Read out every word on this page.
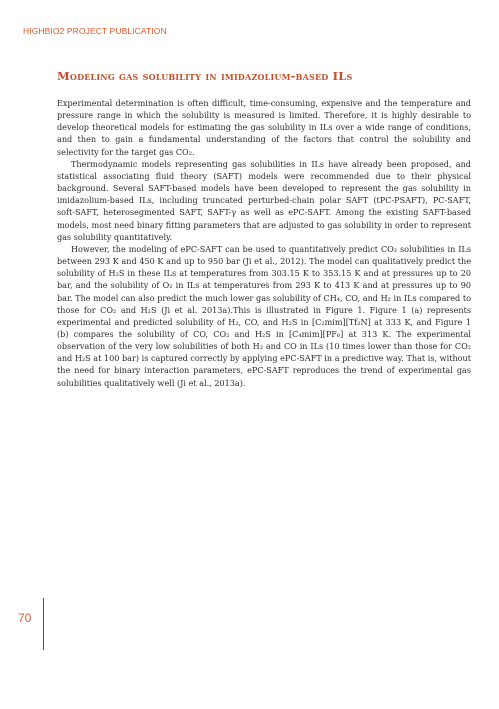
HIGHBIO2 PROJECT PUBLICATION
Modeling gas solubility in imidazolium-based ILs

Experimental determination is often difficult, time-consuming, expensive and the temperature and pressure range in which the solubility is measured is limited. Therefore, it is highly desirable to develop theoretical models for estimating the gas solubility in ILs over a wide range of conditions, and then to gain a fundamental understanding of the factors that control the solubility and selectivity for the target gas CO₂.

Thermodynamic models representing gas solubilities in ILs have already been proposed, and statistical associating fluid theory (SAFT) models were recommended due to their physical background. Several SAFT-based models have been developed to represent the gas solubility in imidazolium-based ILs, including truncated perturbed-chain polar SAFT (tPC-PSAFT), PC-SAFT, soft-SAFT, heterosegmented SAFT, SAFT-γ as well as ePC-SAFT. Among the existing SAFT-based models, most need binary fitting parameters that are adjusted to gas solubility in order to represent gas solubility quantitatively.

However, the modeling of ePC-SAFT can be used to quantitatively predict CO₂ solubilities in ILs between 293 K and 450 K and up to 950 bar (Ji et al., 2012). The model can qualitatively predict the solubility of H₂S in these ILs at temperatures from 303.15 K to 353.15 K and at pressures up to 20 bar, and the solubility of O₂ in ILs at temperatures from 293 K to 413 K and at pressures up to 90 bar. The model can also predict the much lower gas solubility of CH₄, CO, and H₂ in ILs compared to those for CO₂ and H₂S (Ji et al. 2013a).This is illustrated in Figure 1. Figure 1 (a) represents experimental and predicted solubility of H₂, CO, and H₂S in [C₂mim][Tf₂N] at 333 K, and Figure 1 (b) compares the solubility of CO, CO₂ and H₂S in [C₄mim][PF₆] at 313 K. The experimental observation of the very low solubilities of both H₂ and CO in ILs (10 times lower than those for CO₂ and H₂S at 100 bar) is captured correctly by applying ePC-SAFT in a predictive way. That is, without the need for binary interaction parameters, ePC-SAFT reproduces the trend of experimental gas solubilities qualitatively well (Ji et al., 2013a).

70
